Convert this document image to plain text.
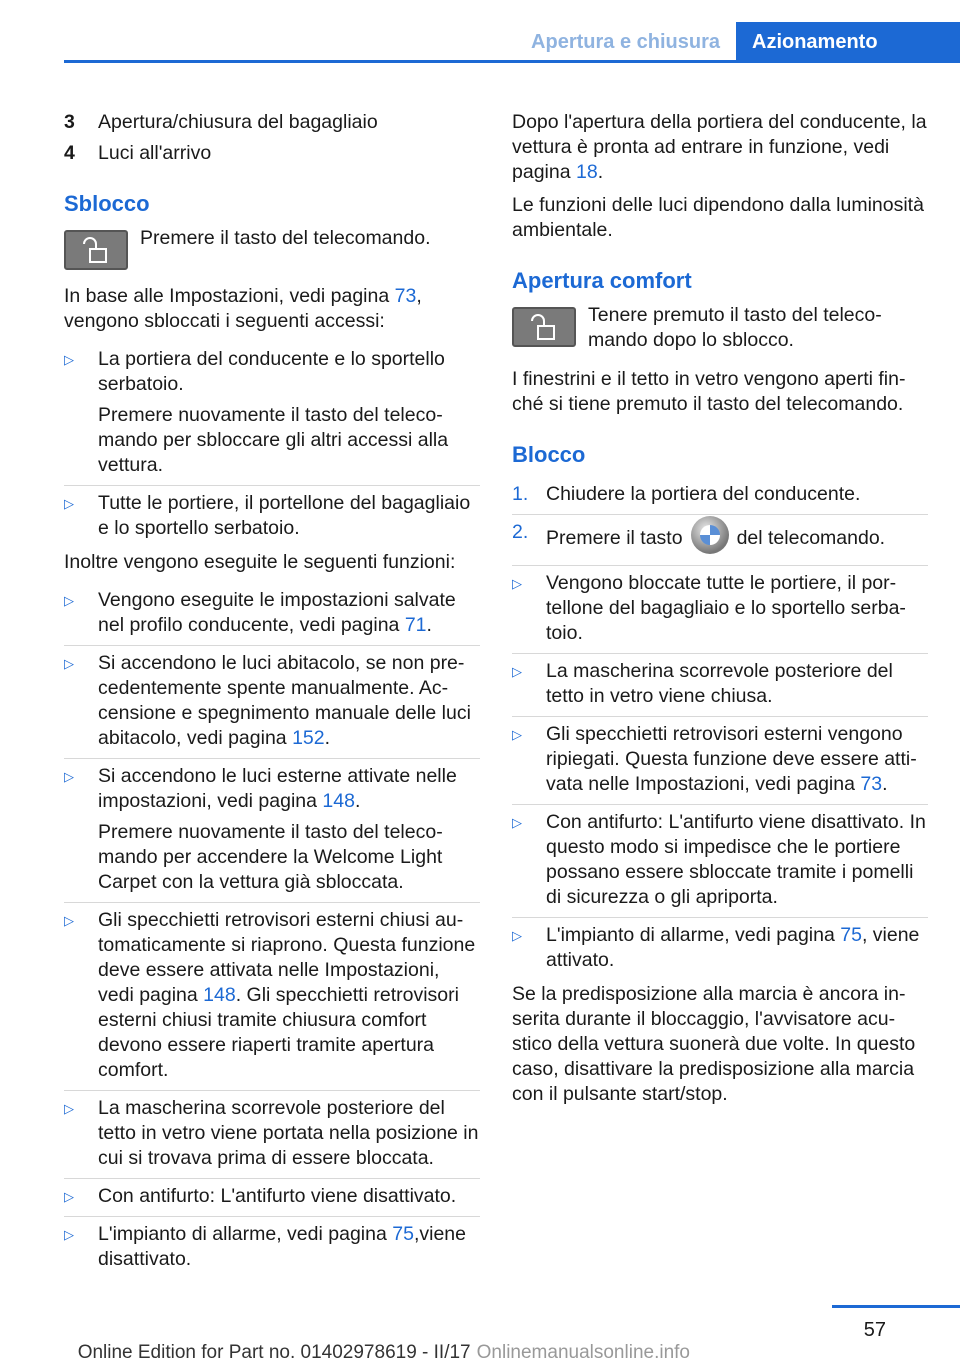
Apertura e chiusura	Azionamento
3	Apertura/chiusura del bagagliaio
4	Luci all'arrivo
Sblocco

Premere il tasto del telecomando.

In base alle Impostazioni, vedi pagina 73, vengono sbloccati i seguenti accessi:

▷	La portiera del conducente e lo sportello serbatoio.

Premere nuovamente il tasto del telecomando per sbloccare gli altri accessi alla vettura.

▷	Tutte le portiere, il portellone del bagagliaio e lo sportello serbatoio.

Inoltre vengono eseguite le seguenti funzioni:

▷	Vengono eseguite le impostazioni salvate nel profilo conducente, vedi pagina 71.

▷	Si accendono le luci abitacolo, se non precedentemente spente manualmente. Accensione e spegnimento manuale delle luci abitacolo, vedi pagina 152.

▷	Si accendono le luci esterne attivate nelle impostazioni, vedi pagina 148.

Premere nuovamente il tasto del telecomando per accendere la Welcome Light Carpet con la vettura già sbloccata.

▷	Gli specchietti retrovisori esterni chiusi automaticamente si riaprono. Questa funzione deve essere attivata nelle Impostazioni, vedi pagina 148. Gli specchietti retrovisori esterni chiusi tramite chiusura comfort devono essere riaperti tramite apertura comfort.

▷	La mascherina scorrevole posteriore del tetto in vetro viene portata nella posizione in cui si trovava prima di essere bloccata.

▷	Con antifurto: L'antifurto viene disattivato.

▷	L'impianto di allarme, vedi pagina 75,viene disattivato.

Dopo l'apertura della portiera del conducente, la vettura è pronta ad entrare in funzione, vedi pagina 18.

Le funzioni delle luci dipendono dalla luminosità ambientale.

Apertura comfort

Tenere premuto il tasto del telecomando dopo lo sblocco.

I finestrini e il tetto in vetro vengono aperti finché si tiene premuto il tasto del telecomando.

Blocco
1. Chiudere la portiera del conducente.
2. Premere il tasto	del telecomando.
▷	Vengono bloccate tutte le portiere, il portellone del bagagliaio e lo sportello serbatoio.

▷	La mascherina scorrevole posteriore del tetto in vetro viene chiusa.

▷	Gli specchietti retrovisori esterni vengono ripiegati. Questa funzione deve essere attivata nelle Impostazioni, vedi pagina 73.

▷	Con antifurto: L'antifurto viene disattivato. In questo modo si impedisce che le portiere possano essere sbloccate tramite i pomelli di sicurezza o gli apriporta.

▷	L'impianto di allarme, vedi pagina 75, viene attivato.

Se la predisposizione alla marcia è ancora inserita durante il bloccaggio, l'avvisatore acustico della vettura suonerà due volte. In questo caso, disattivare la predisposizione alla marcia con il pulsante start/stop.

57
Online Edition for Part no. 01402978619 - II/17 Onlinemanualsonline.info
